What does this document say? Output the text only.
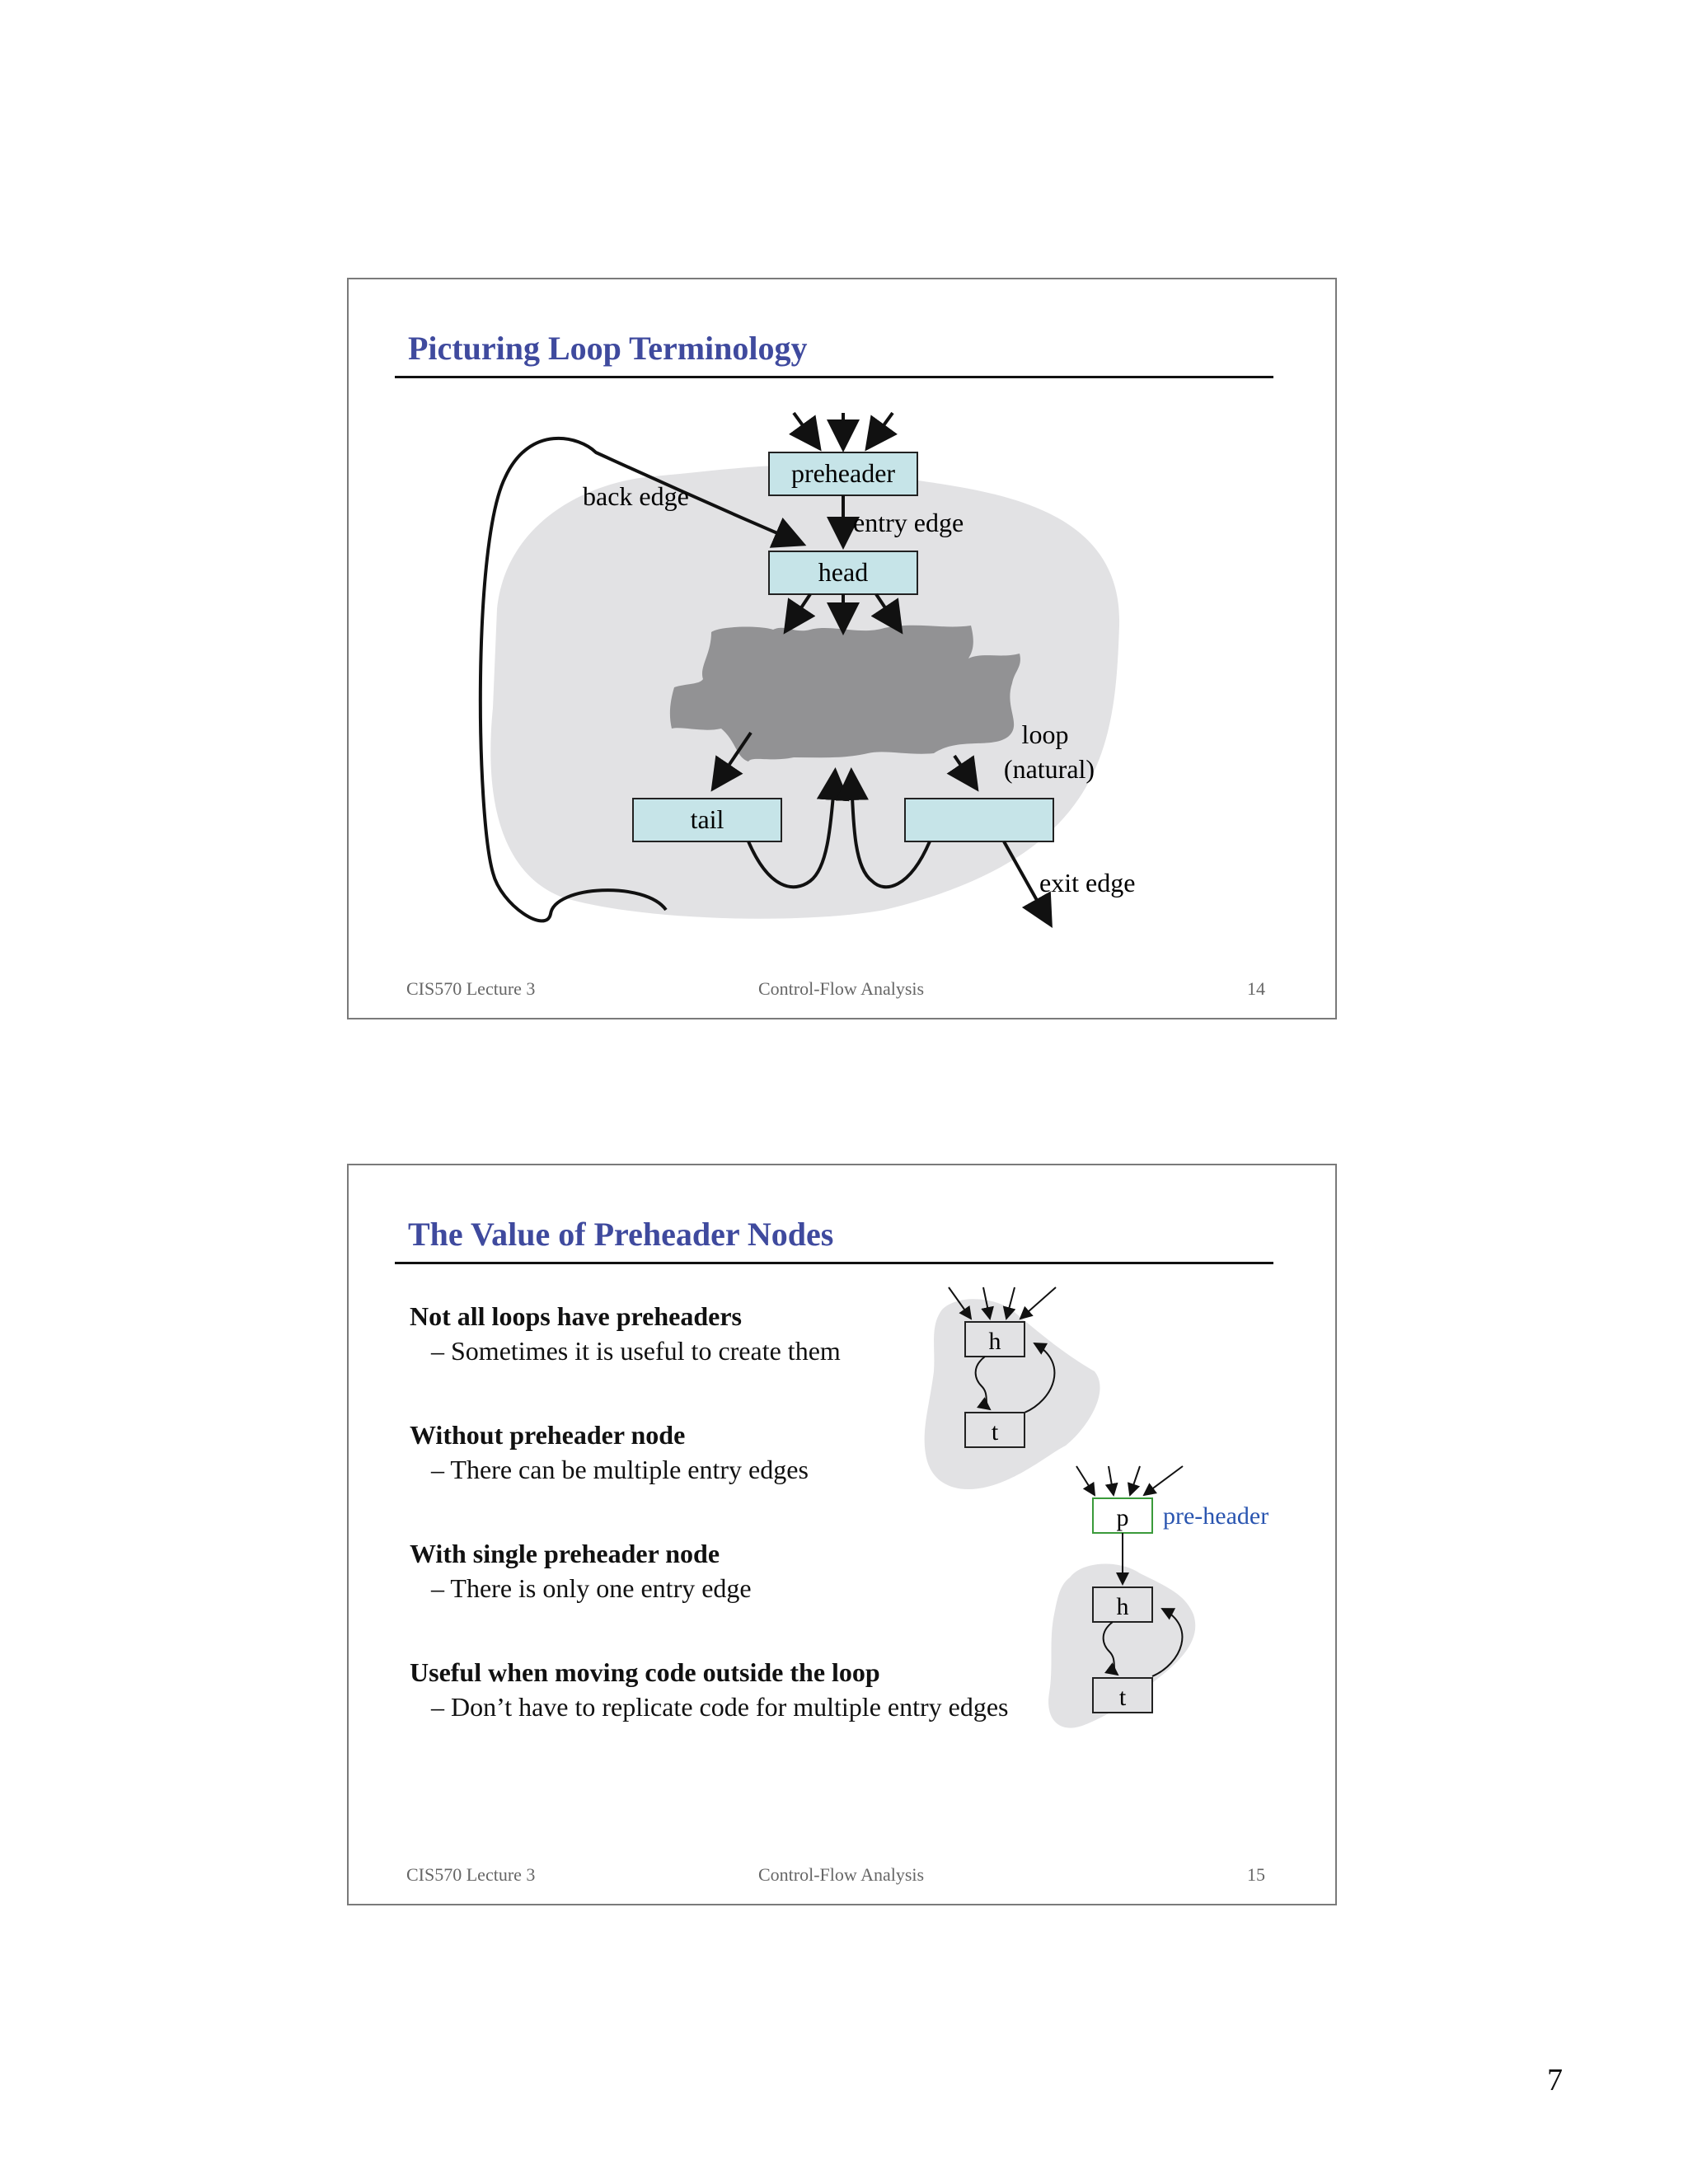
Picturing Loop Terminology
preheader
entry edge
head
back edge
tail
exit edge
loop
(natural)
CIS570 Lecture 3	Control-Flow Analysis	14
The Value of Preheader Nodes
Not all loops have preheaders
– Sometimes it is useful to create them
Without preheader node
– There can be multiple entry edges
With single preheader node
– There is only one entry edge
Useful when moving code outside the loop
– Don’t have to replicate code for multiple entry edges
h
t
p pre-header
h
t
CIS570 Lecture 3	Control-Flow Analysis	15
7
